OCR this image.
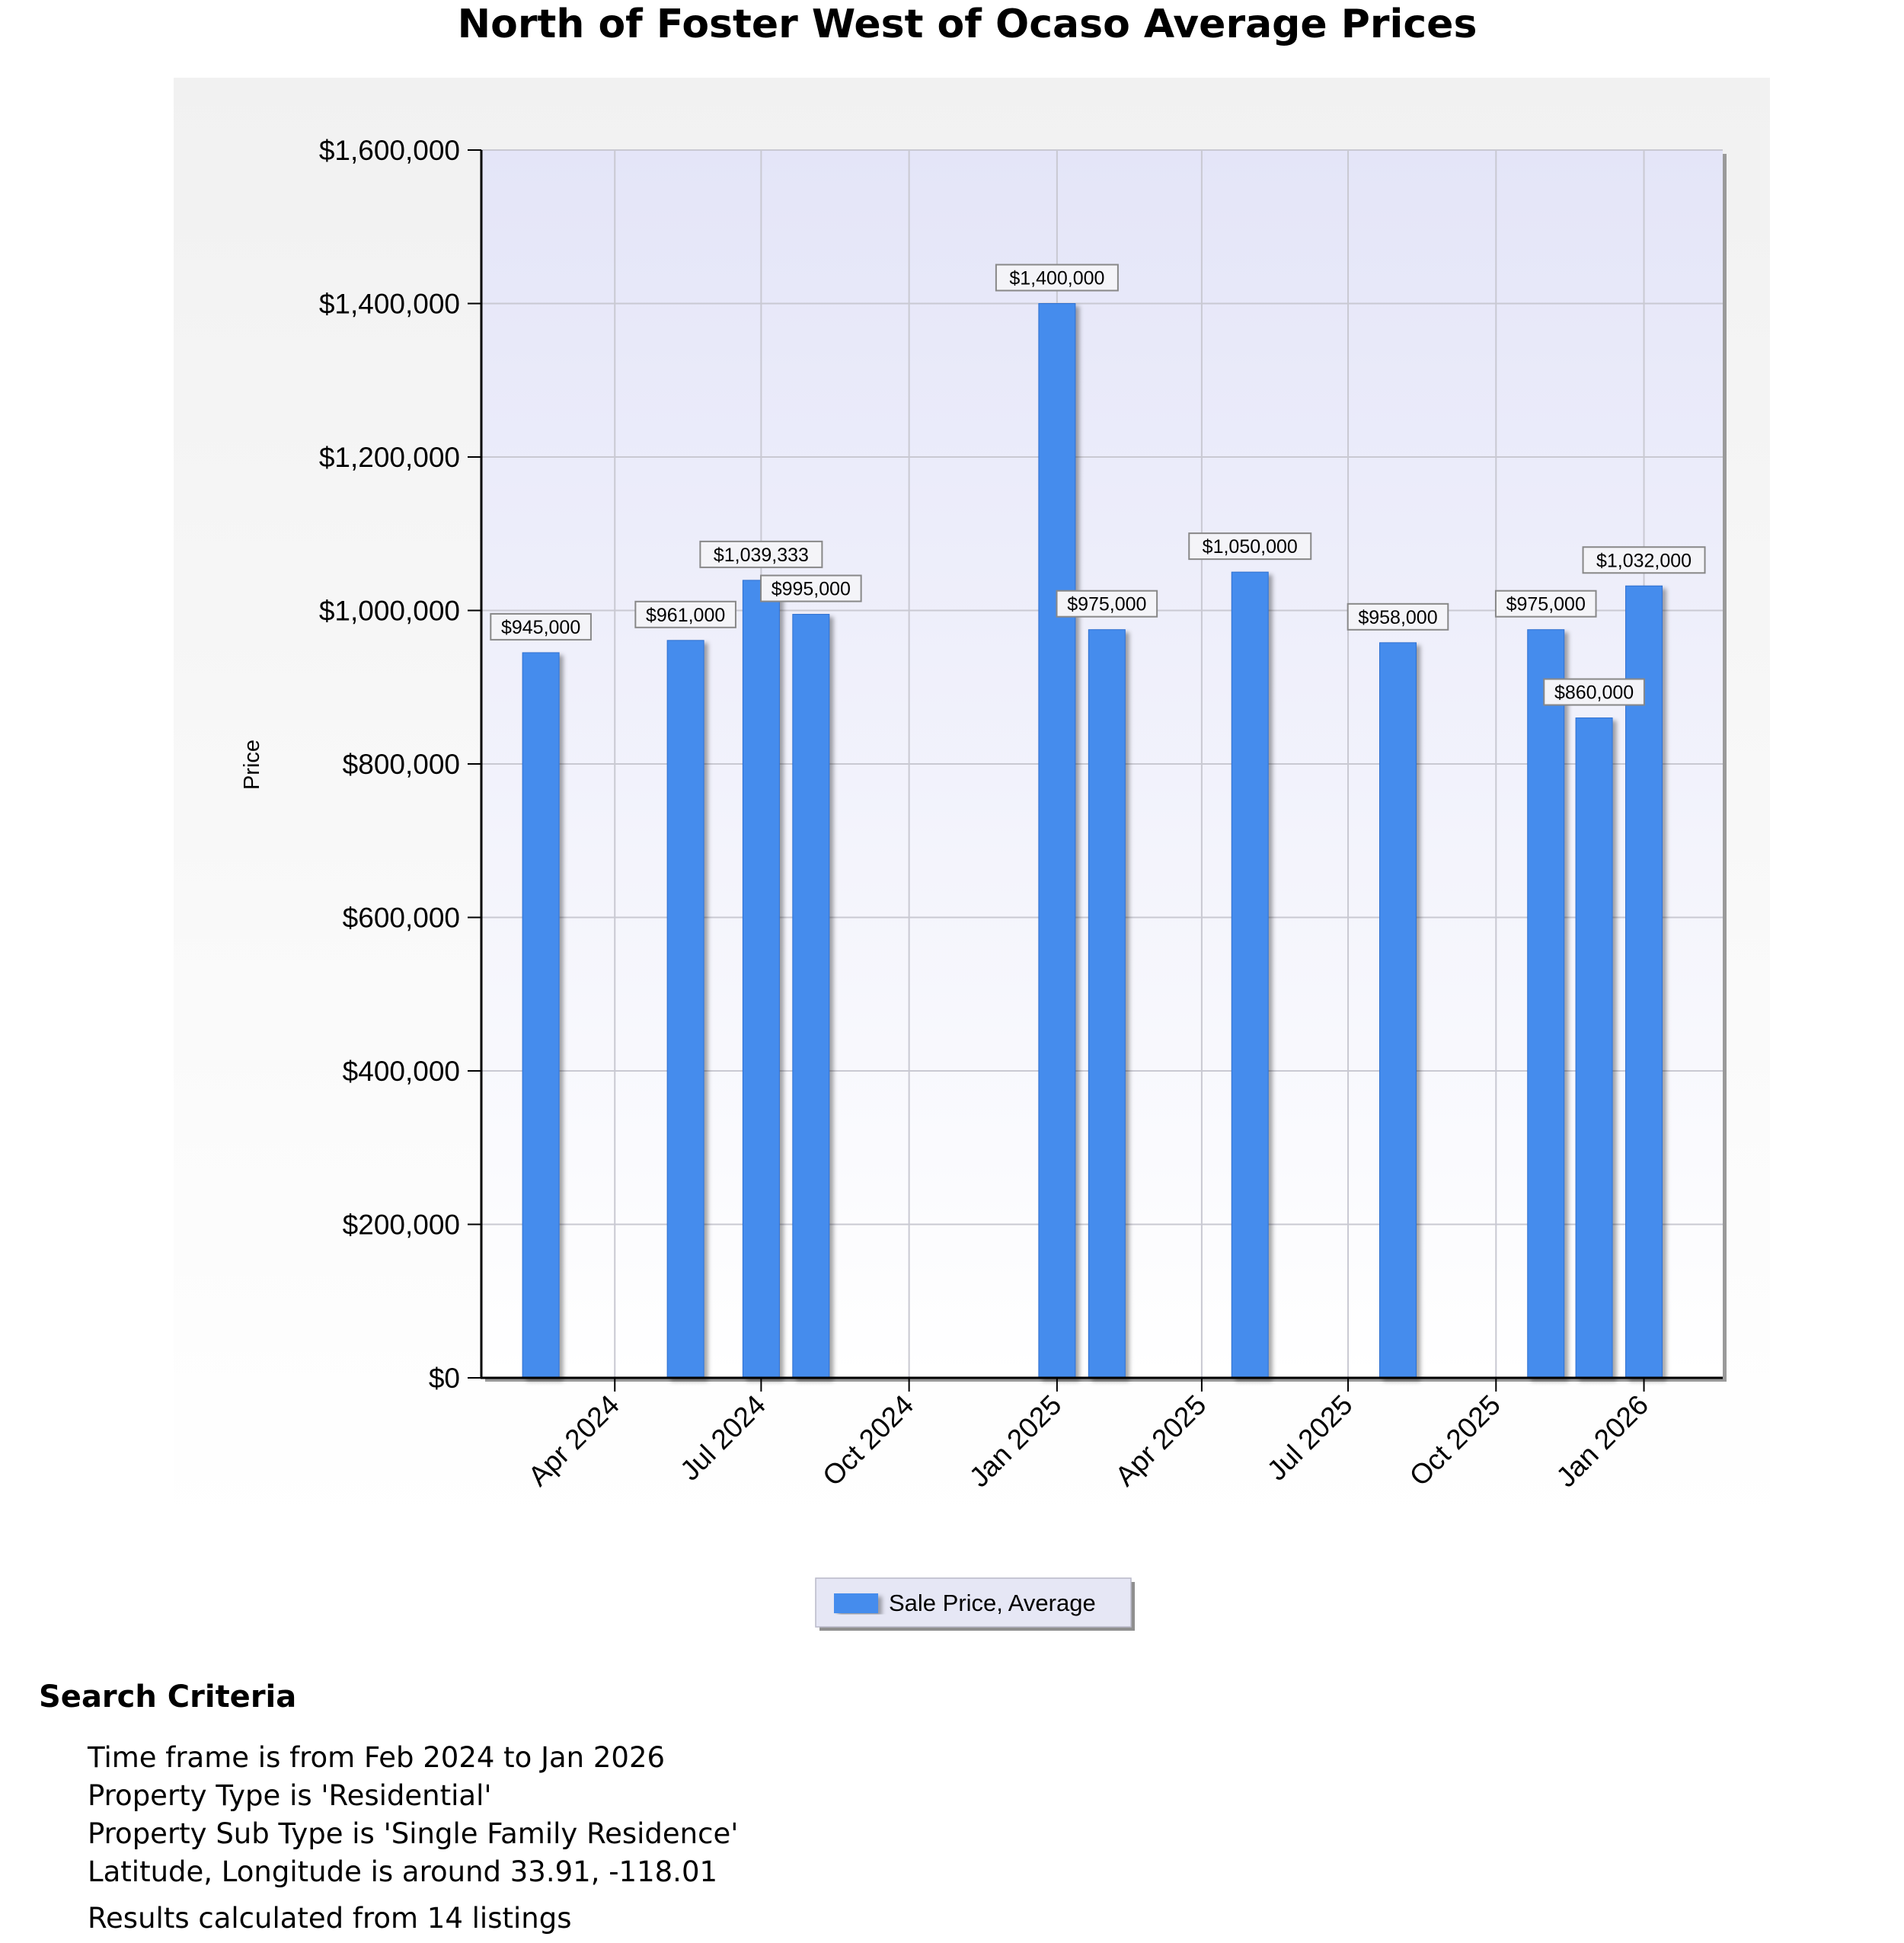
North of Foster West of Ocaso Average Prices
$945,000
$961,000
$1,039,333
$995,000
$1,400,000
$975,000
$1,050,000
$958,000
$975,000
$860,000
$1,032,000
$0
$200,000
$400,000
$600,000
$800,000
$1,000,000
$1,200,000
$1,400,000
$1,600,000
Apr 2024 Jul 2024 Oct 2024 Jan 2025 Apr 2025 Jul 2025 Oct 2025 Jan 2026
Price
Sale Price, Average
Search Criteria
Time frame is from Feb 2024 to Jan 2026
Property Type is 'Residential'
Property Sub Type is 'Single Family Residence'
Latitude, Longitude is around 33.91, -118.01
Results calculated from 14 listings
